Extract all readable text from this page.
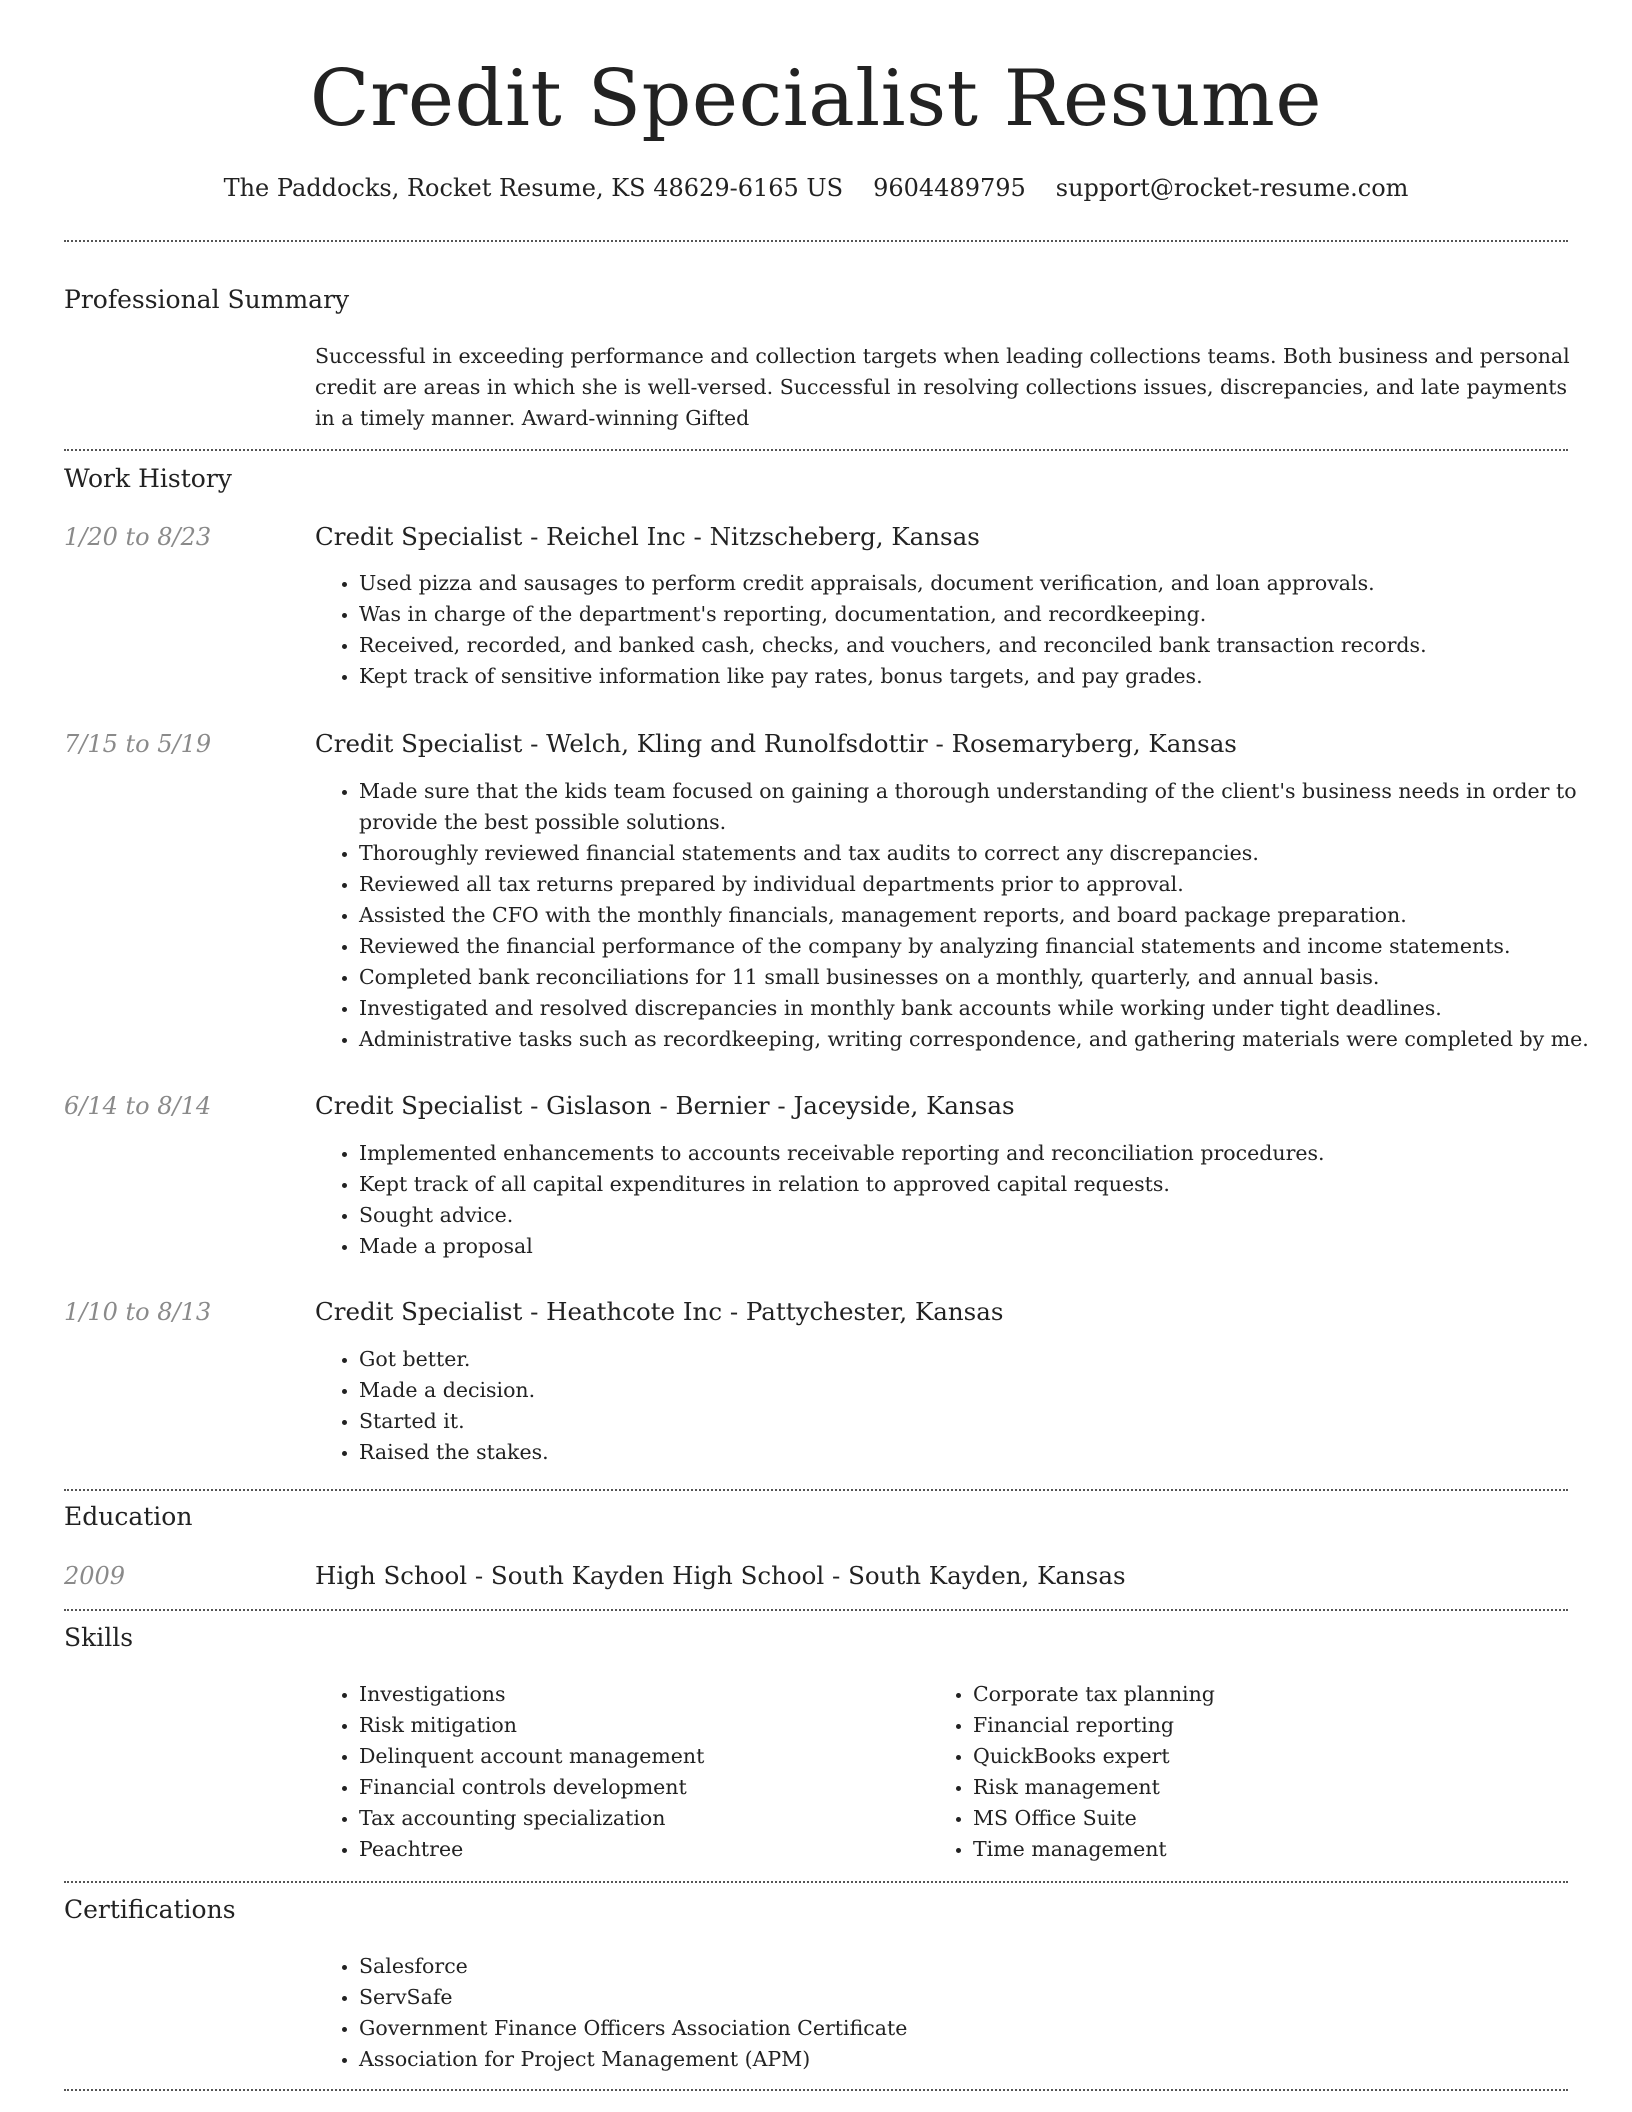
Credit Specialist Resume

The Paddocks, Rocket Resume, KS 48629-6165 US 9604489795 support@rocket-resume.com

Professional Summary

Successful in exceeding performance and collection targets when leading collections teams. Both business and personal credit are areas in which she is well-versed. Successful in resolving collections issues, discrepancies, and late payments in a timely manner. Award-winning Gifted

Work History

1/20 to 8/23	Credit Specialist - Reichel Inc - Nitzscheberg, Kansas

• Used pizza and sausages to perform credit appraisals, document verification, and loan approvals.
• Was in charge of the department's reporting, documentation, and recordkeeping.
• Received, recorded, and banked cash, checks, and vouchers, and reconciled bank transaction records.
• Kept track of sensitive information like pay rates, bonus targets, and pay grades.

7/15 to 5/19	Credit Specialist - Welch, Kling and Runolfsdottir - Rosemaryberg, Kansas

• Made sure that the kids team focused on gaining a thorough understanding of the client's business needs in order to provide the best possible solutions.
• Thoroughly reviewed financial statements and tax audits to correct any discrepancies.
• Reviewed all tax returns prepared by individual departments prior to approval.
• Assisted the CFO with the monthly financials, management reports, and board package preparation.
• Reviewed the financial performance of the company by analyzing financial statements and income statements.
• Completed bank reconciliations for 11 small businesses on a monthly, quarterly, and annual basis.
• Investigated and resolved discrepancies in monthly bank accounts while working under tight deadlines.
• Administrative tasks such as recordkeeping, writing correspondence, and gathering materials were completed by me.

6/14 to 8/14	Credit Specialist - Gislason - Bernier - Jaceyside, Kansas

• Implemented enhancements to accounts receivable reporting and reconciliation procedures.
• Kept track of all capital expenditures in relation to approved capital requests.
• Sought advice.
• Made a proposal

1/10 to 8/13	Credit Specialist - Heathcote Inc - Pattychester, Kansas

• Got better.
• Made a decision.
• Started it.
• Raised the stakes.
Education

2009	High School - South Kayden High School - South Kayden, Kansas

Skills
• Investigations
• Risk mitigation
• Delinquent account management
• Financial controls development
• Tax accounting specialization
• Peachtree
• Corporate tax planning
• Financial reporting
• QuickBooks expert
• Risk management
• MS Office Suite
• Time management
Certifications
• Salesforce
• ServSafe
• Government Finance Officers Association Certificate
• Association for Project Management (APM)
